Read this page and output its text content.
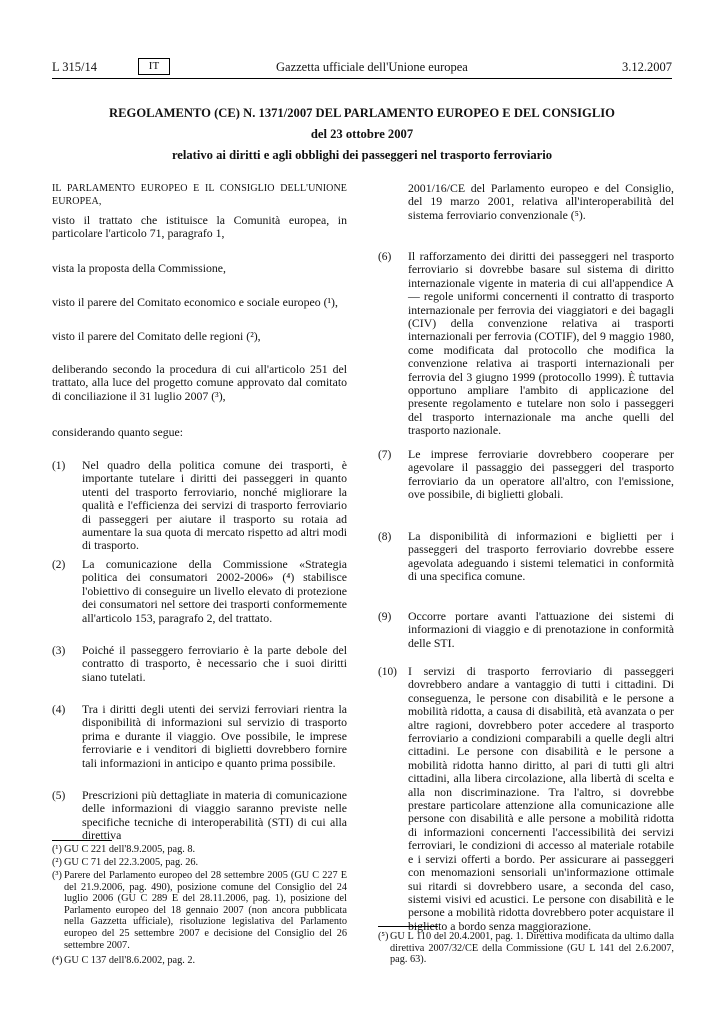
L 315/14	IT	Gazzetta ufficiale dell'Unione europea	3.12.2007
REGOLAMENTO (CE) N. 1371/2007 DEL PARLAMENTO EUROPEO E DEL CONSIGLIO
del 23 ottobre 2007
relativo ai diritti e agli obblighi dei passeggeri nel trasporto ferroviario

IL PARLAMENTO EUROPEO E IL CONSIGLIO DELL'UNIONE EUROPEA,

visto il trattato che istituisce la Comunità europea, in particolare l'articolo 71, paragrafo 1,

vista la proposta della Commissione,

visto il parere del Comitato economico e sociale europeo (¹),

visto il parere del Comitato delle regioni (²),

deliberando secondo la procedura di cui all'articolo 251 del trattato, alla luce del progetto comune approvato dal comitato di conciliazione il 31 luglio 2007 (³),

considerando quanto segue:

(1) Nel quadro della politica comune dei trasporti, è importante tutelare i diritti dei passeggeri in quanto utenti del trasporto ferroviario, nonché migliorare la qualità e l'efficienza dei servizi di trasporto ferroviario di passeggeri per aiutare il trasporto su rotaia ad aumentare la sua quota di mercato rispetto ad altri modi di trasporto.

(2) La comunicazione della Commissione «Strategia politica dei consumatori 2002-2006» (⁴) stabilisce l'obiettivo di conseguire un livello elevato di protezione dei consumatori nel settore dei trasporti conformemente all'articolo 153, paragrafo 2, del trattato.

(3) Poiché il passeggero ferroviario è la parte debole del contratto di trasporto, è necessario che i suoi diritti siano tutelati.

(4) Tra i diritti degli utenti dei servizi ferroviari rientra la disponibilità di informazioni sul servizio di trasporto prima e durante il viaggio. Ove possibile, le imprese ferroviarie e i venditori di biglietti dovrebbero fornire tali informazioni in anticipo e quanto prima possibile.

(5) Prescrizioni più dettagliate in materia di comunicazione delle informazioni di viaggio saranno previste nelle specifiche tecniche di interoperabilità (STI) di cui alla direttiva

(¹) GU C 221 dell'8.9.2005, pag. 8.
(²) GU C 71 del 22.3.2005, pag. 26.
(³) Parere del Parlamento europeo del 28 settembre 2005 (GU C 227 E del 21.9.2006, pag. 490), posizione comune del Consiglio del 24 luglio 2006 (GU C 289 E del 28.11.2006, pag. 1), posizione del Parlamento europeo del 18 gennaio 2007 (non ancora pubblicata nella Gazzetta ufficiale), risoluzione legislativa del Parlamento europeo del 25 settembre 2007 e decisione del Consiglio del 26 settembre 2007.
(⁴) GU C 137 dell'8.6.2002, pag. 2.

2001/16/CE del Parlamento europeo e del Consiglio, del 19 marzo 2001, relativa all'interoperabilità del sistema ferroviario convenzionale (⁵).

(6) Il rafforzamento dei diritti dei passeggeri nel trasporto ferroviario si dovrebbe basare sul sistema di diritto internazionale vigente in materia di cui all'appendice A — regole uniformi concernenti il contratto di trasporto internazionale per ferrovia dei viaggiatori e dei bagagli (CIV) della convenzione relativa ai trasporti internazionali per ferrovia (COTIF), del 9 maggio 1980, come modificata dal protocollo che modifica la convenzione relativa ai trasporti internazionali per ferrovia del 3 giugno 1999 (protocollo 1999). È tuttavia opportuno ampliare l'ambito di applicazione del presente regolamento e tutelare non solo i passeggeri del trasporto internazionale ma anche quelli del trasporto nazionale.

(7) Le imprese ferroviarie dovrebbero cooperare per agevolare il passaggio dei passeggeri del trasporto ferroviario da un operatore all'altro, con l'emissione, ove possibile, di biglietti globali.

(8) La disponibilità di informazioni e biglietti per i passeggeri del trasporto ferroviario dovrebbe essere agevolata adeguando i sistemi telematici in conformità di una specifica comune.

(9) Occorre portare avanti l'attuazione dei sistemi di informazioni di viaggio e di prenotazione in conformità delle STI.

(10) I servizi di trasporto ferroviario di passeggeri dovrebbero andare a vantaggio di tutti i cittadini. Di conseguenza, le persone con disabilità e le persone a mobilità ridotta, a causa di disabilità, età avanzata o per altre ragioni, dovrebbero poter accedere al trasporto ferroviario a condizioni comparabili a quelle degli altri cittadini. Le persone con disabilità e le persone a mobilità ridotta hanno diritto, al pari di tutti gli altri cittadini, alla libera circolazione, alla libertà di scelta e alla non discriminazione. Tra l'altro, si dovrebbe prestare particolare attenzione alla comunicazione alle persone con disabilità e alle persone a mobilità ridotta di informazioni concernenti l'accessibilità dei servizi ferroviari, le condizioni di accesso al materiale rotabile e i servizi offerti a bordo. Per assicurare ai passeggeri con menomazioni sensoriali un'informazione ottimale sui ritardi si dovrebbero usare, a seconda del caso, sistemi visivi ed acustici. Le persone con disabilità e le persone a mobilità ridotta dovrebbero poter acquistare il biglietto a bordo senza maggiorazione.

(⁵) GU L 110 del 20.4.2001, pag. 1. Direttiva modificata da ultimo dalla direttiva 2007/32/CE della Commissione (GU L 141 del 2.6.2007, pag. 63).
